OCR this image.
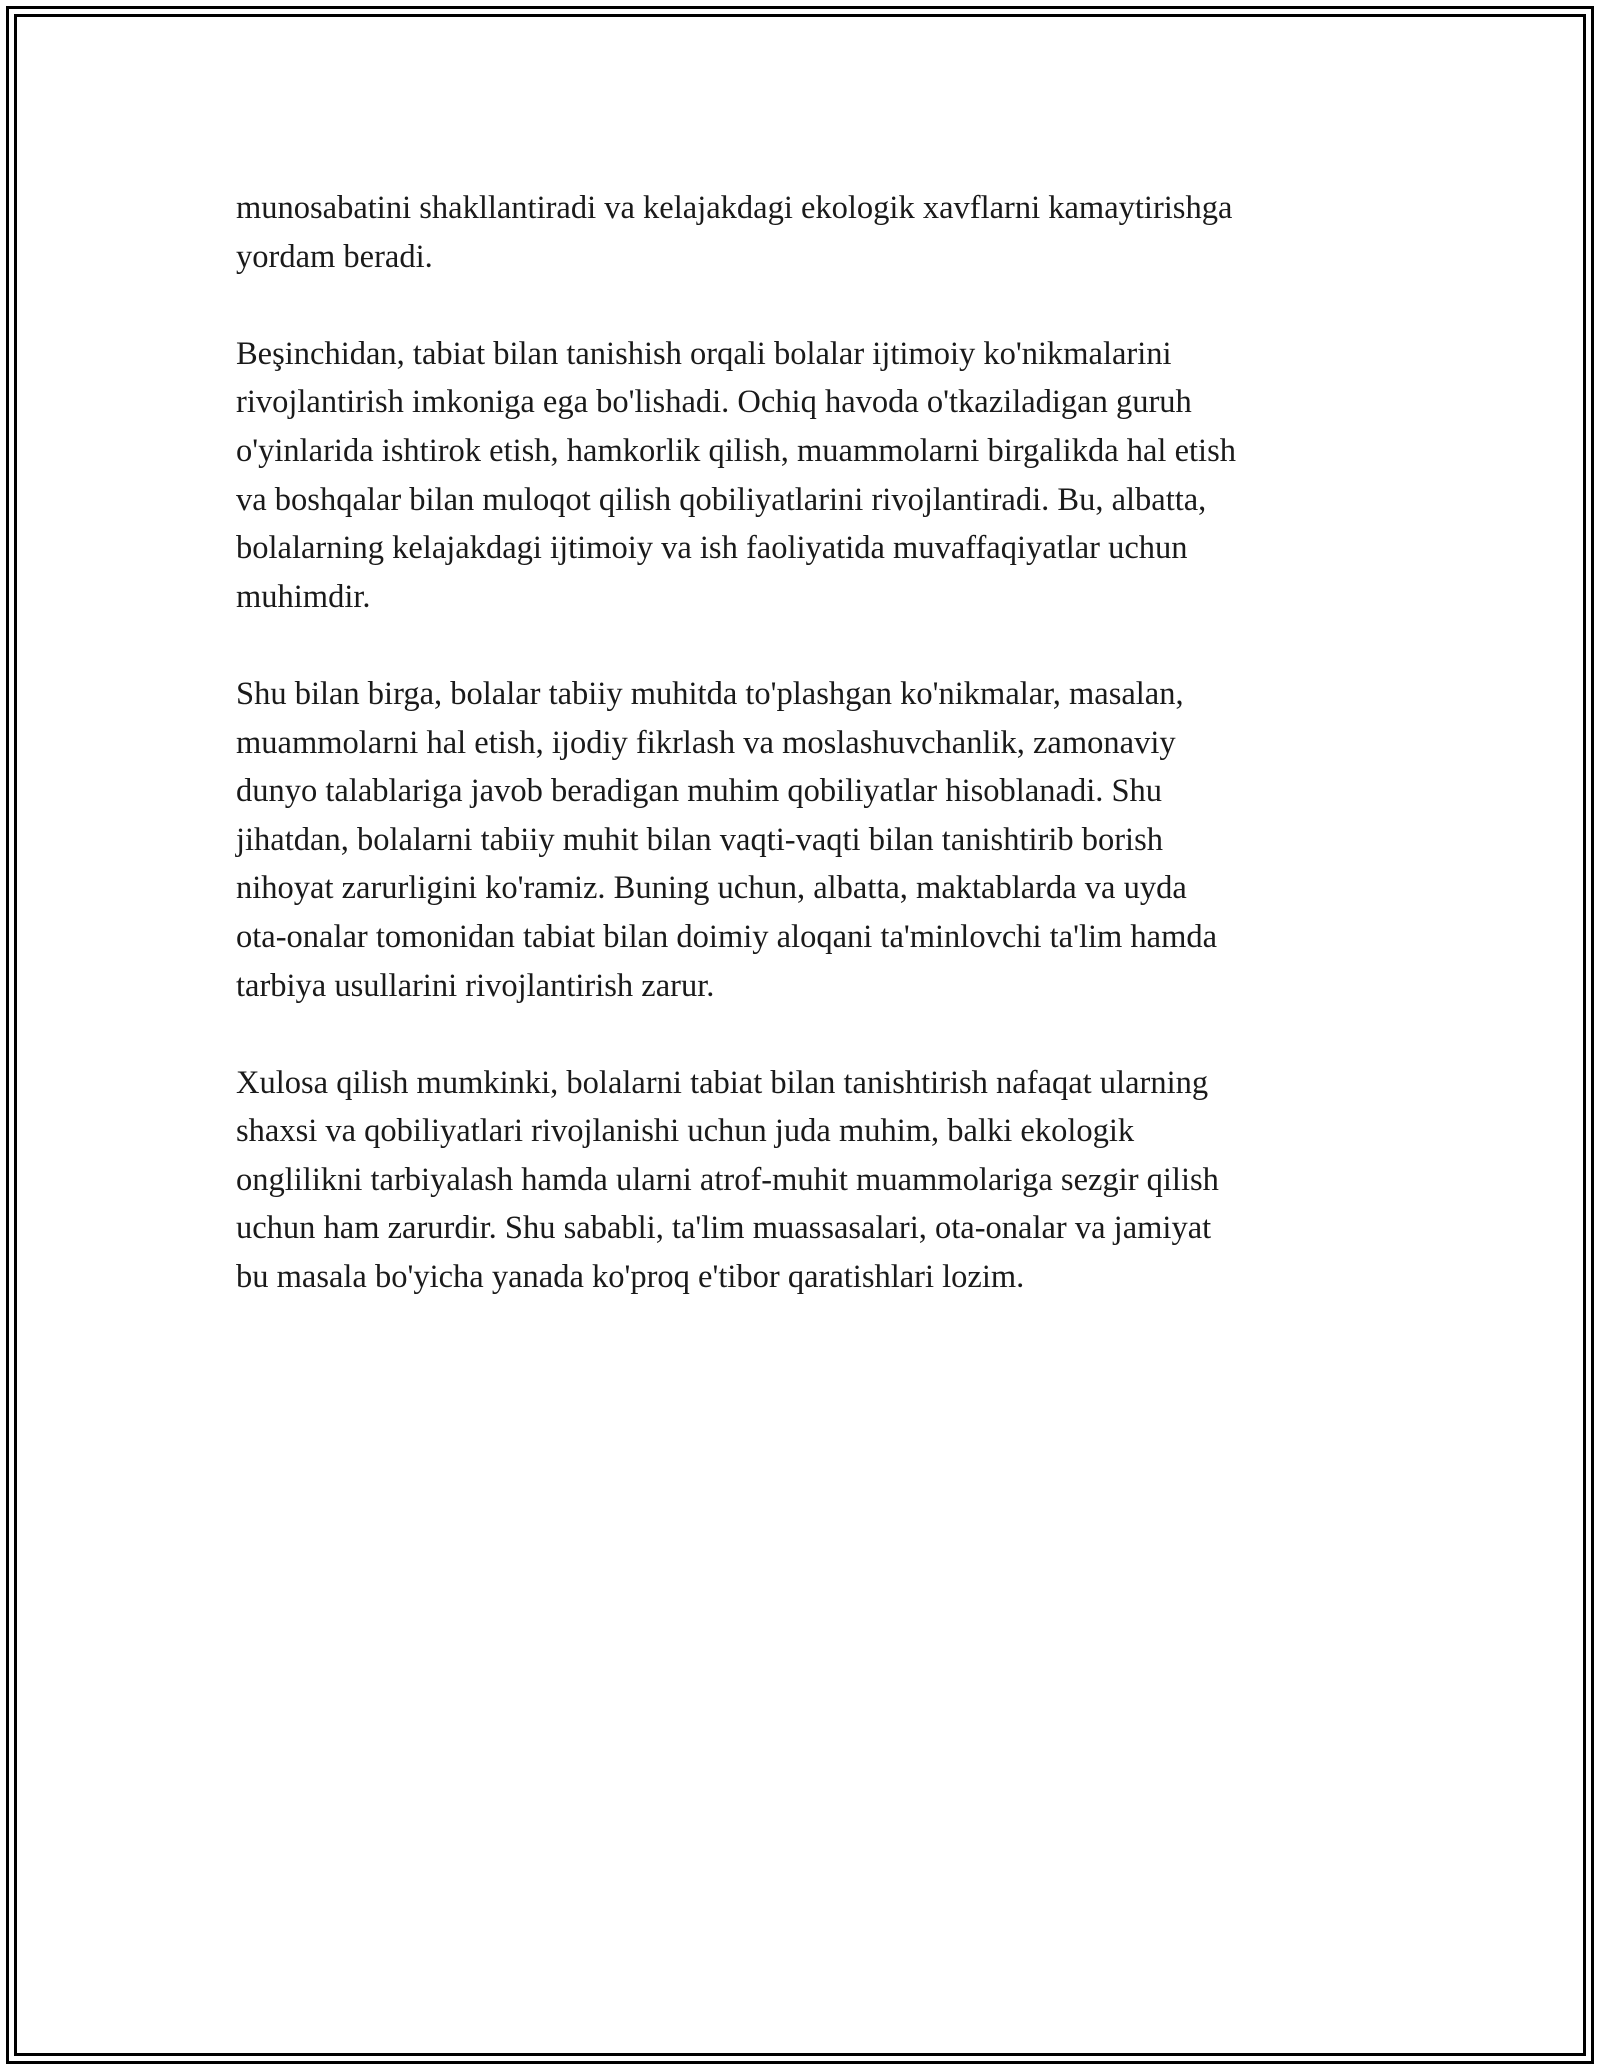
munosabatini shakllantiradi va kelajakdagi ekologik xavflarni kamaytirishga
yordam beradi.

Beşinchidan, tabiat bilan tanishish orqali bolalar ijtimoiy ko'nikmalarini
rivojlantirish imkoniga ega bo'lishadi. Ochiq havoda o'tkaziladigan guruh
o'yinlarida ishtirok etish, hamkorlik qilish, muammolarni birgalikda hal etish
va boshqalar bilan muloqot qilish qobiliyatlarini rivojlantiradi. Bu, albatta,
bolalarning kelajakdagi ijtimoiy va ish faoliyatida muvaffaqiyatlar uchun
muhimdir.

Shu bilan birga, bolalar tabiiy muhitda to'plashgan ko'nikmalar, masalan,
muammolarni hal etish, ijodiy fikrlash va moslashuvchanlik, zamonaviy
dunyo talablariga javob beradigan muhim qobiliyatlar hisoblanadi. Shu
jihatdan, bolalarni tabiiy muhit bilan vaqti-vaqti bilan tanishtirib borish
nihoyat zarurligini ko'ramiz. Buning uchun, albatta, maktablarda va uyda
ota-onalar tomonidan tabiat bilan doimiy aloqani ta'minlovchi ta'lim hamda
tarbiya usullarini rivojlantirish zarur.

Xulosa qilish mumkinki, bolalarni tabiat bilan tanishtirish nafaqat ularning
shaxsi va qobiliyatlari rivojlanishi uchun juda muhim, balki ekologik
onglilikni tarbiyalash hamda ularni atrof-muhit muammolariga sezgir qilish
uchun ham zarurdir. Shu sababli, ta'lim muassasalari, ota-onalar va jamiyat
bu masala bo'yicha yanada ko'proq e'tibor qaratishlari lozim.
